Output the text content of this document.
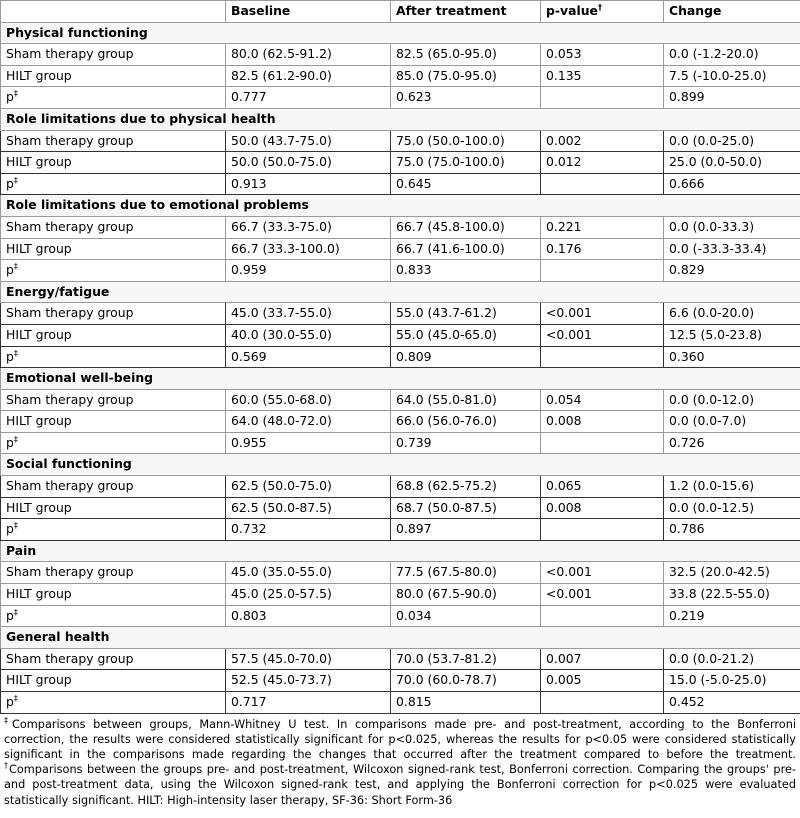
	Baseline	After treatment	p-value†	Change
Physical functioning				
Sham therapy group	80.0 (62.5-91.2)	82.5 (65.0-95.0)	0.053	0.0 (-1.2-20.0)
HILT group	82.5 (61.2-90.0)	85.0 (75.0-95.0)	0.135	7.5 (-10.0-25.0)
p‡	0.777	0.623		0.899
Role limitations due to physical health				
Sham therapy group	50.0 (43.7-75.0)	75.0 (50.0-100.0)	0.002	0.0 (0.0-25.0)
HILT group	50.0 (50.0-75.0)	75.0 (75.0-100.0)	0.012	25.0 (0.0-50.0)
p‡	0.913	0.645		0.666
Role limitations due to emotional problems				
Sham therapy group	66.7 (33.3-75.0)	66.7 (45.8-100.0)	0.221	0.0 (0.0-33.3)
HILT group	66.7 (33.3-100.0)	66.7 (41.6-100.0)	0.176	0.0 (-33.3-33.4)
p‡	0.959	0.833		0.829
Energy/fatigue				
Sham therapy group	45.0 (33.7-55.0)	55.0 (43.7-61.2)	<0.001	6.6 (0.0-20.0)
HILT group	40.0 (30.0-55.0)	55.0 (45.0-65.0)	<0.001	12.5 (5.0-23.8)
p‡	0.569	0.809		0.360
Emotional well-being				
Sham therapy group	60.0 (55.0-68.0)	64.0 (55.0-81.0)	0.054	0.0 (0.0-12.0)
HILT group	64.0 (48.0-72.0)	66.0 (56.0-76.0)	0.008	0.0 (0.0-7.0)
p‡	0.955	0.739		0.726
Social functioning				
Sham therapy group	62.5 (50.0-75.0)	68.8 (62.5-75.2)	0.065	1.2 (0.0-15.6)
HILT group	62.5 (50.0-87.5)	68.7 (50.0-87.5)	0.008	0.0 (0.0-12.5)
p‡	0.732	0.897		0.786
Pain				
Sham therapy group	45.0 (35.0-55.0)	77.5 (67.5-80.0)	<0.001	32.5 (20.0-42.5)
HILT group	45.0 (25.0-57.5)	80.0 (67.5-90.0)	<0.001	33.8 (22.5-55.0)
p‡	0.803	0.034		0.219
General health				
Sham therapy group	57.5 (45.0-70.0)	70.0 (53.7-81.2)	0.007	0.0 (0.0-21.2)
HILT group	52.5 (45.0-73.7)	70.0 (60.0-78.7)	0.005	15.0 (-5.0-25.0)
p‡	0.717	0.815		0.452
‡Comparisons between groups, Mann-Whitney U test. In comparisons made pre- and post-treatment, according to the Bonferroni correction, the results were considered statistically significant for p<0.025, whereas the results for p<0.05 were considered statistically significant in the comparisons made regarding the changes that occurred after the treatment compared to before the treatment. †Comparisons between the groups pre- and post-treatment, Wilcoxon signed-rank test, Bonferroni correction. Comparing the groups' pre- and post-treatment data, using the Wilcoxon signed-rank test, and applying the Bonferroni correction for p<0.025 were evaluated statistically significant. HILT: High-intensity laser therapy, SF-36: Short Form-36
